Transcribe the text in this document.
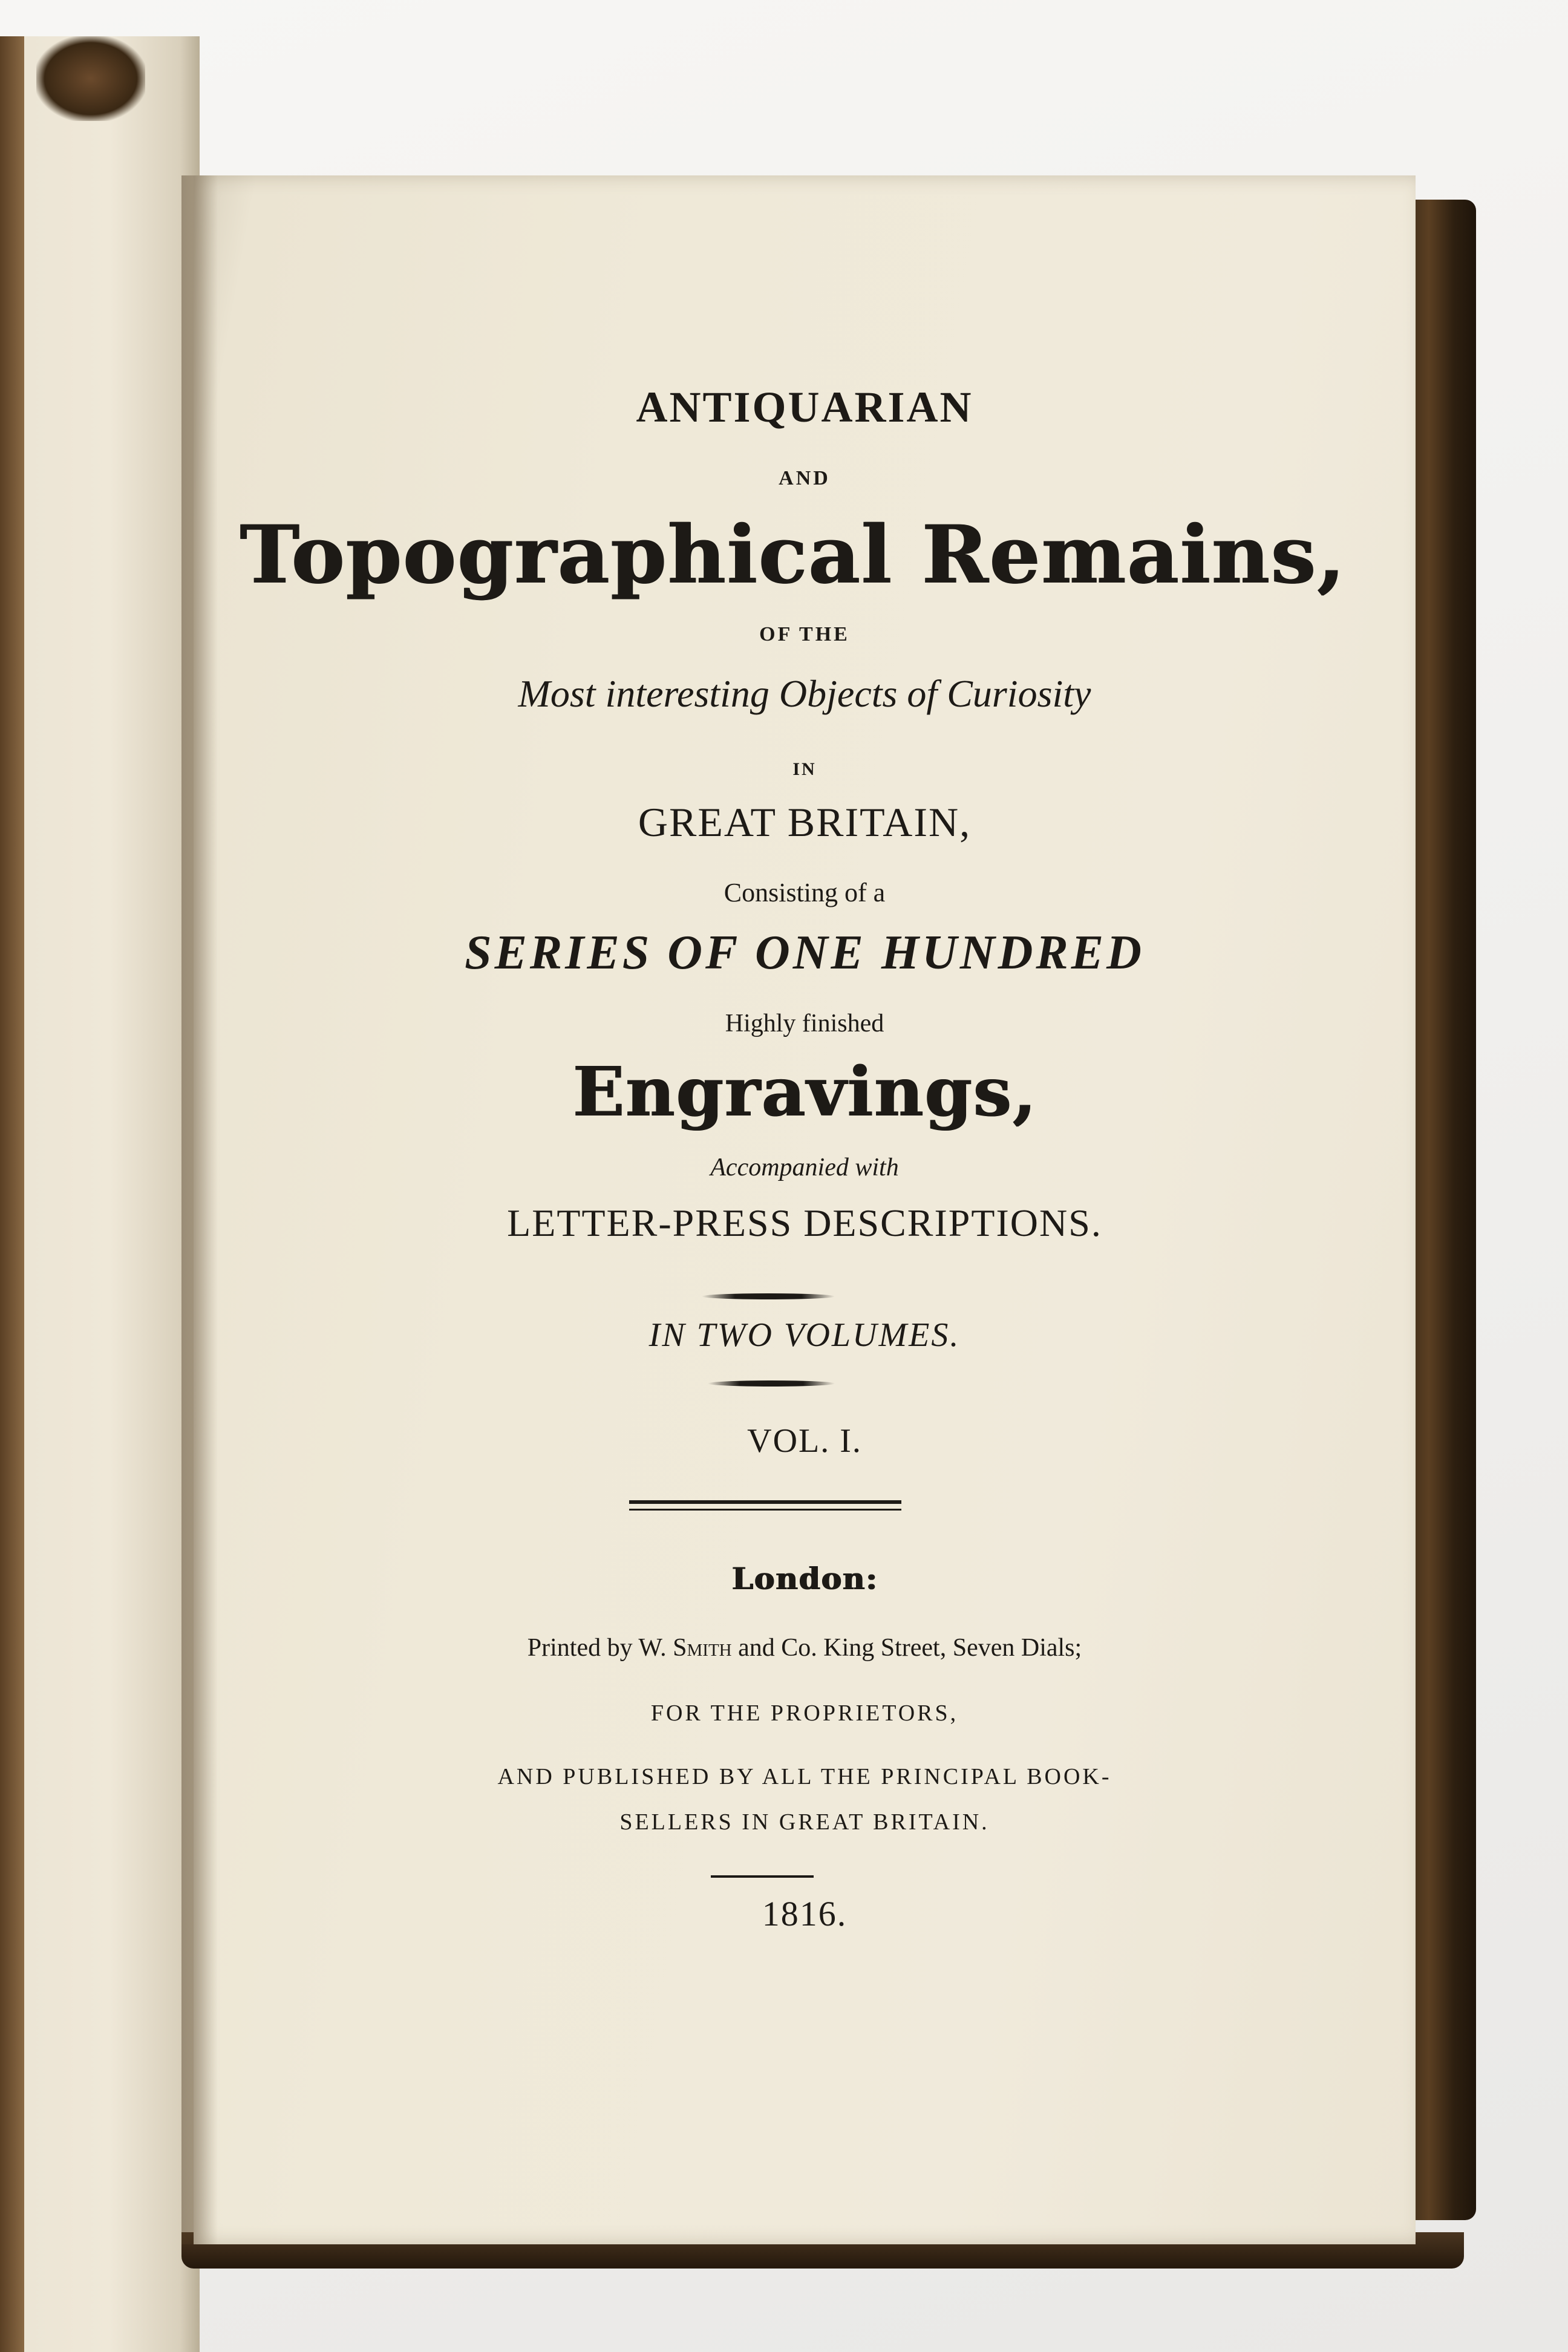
ANTIQUARIAN
AND
Topographical Remains,
OF THE
Most interesting Objects of Curiosity
IN
GREAT BRITAIN,
Consisting of a
SERIES OF ONE HUNDRED
Highly finished
Engravings,
Accompanied with
LETTER-PRESS DESCRIPTIONS.
IN TWO VOLUMES.
VOL. I.
London:
Printed by W. Smith and Co. King Street, Seven Dials;
FOR THE PROPRIETORS,
AND PUBLISHED BY ALL THE PRINCIPAL BOOK-
SELLERS IN GREAT BRITAIN.
1816.
